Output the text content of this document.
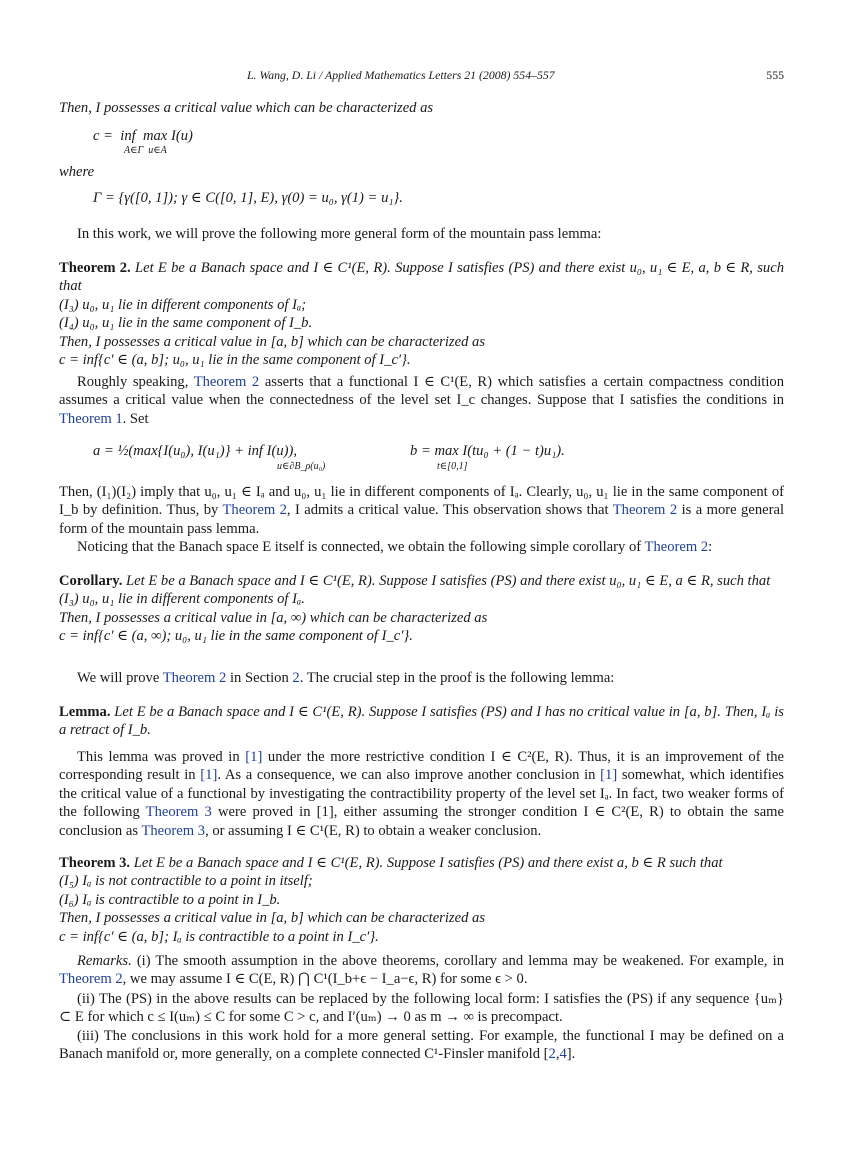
L. Wang, D. Li / Applied Mathematics Letters 21 (2008) 554–557	555
Then, I possesses a critical value which can be characterized as
c =  inf  max I(u)
A∈Γ  u∈A
where
Γ = {γ([0, 1]); γ ∈ C([0, 1], E), γ(0) = u₀, γ(1) = u₁}.
In this work, we will prove the following more general form of the mountain pass lemma:

Theorem 2. Let E be a Banach space and I ∈ C¹(E, R). Suppose I satisfies (PS) and there exist u₀, u₁ ∈ E, a, b ∈ R, such that

(I₃) u₀, u₁ lie in different components of Iₐ;

(I₄) u₀, u₁ lie in the same component of I_b.

Then, I possesses a critical value in [a, b] which can be characterized as

c = inf{c′ ∈ (a, b]; u₀, u₁ lie in the same component of I_c′}.

Roughly speaking, Theorem 2 asserts that a functional I ∈ C¹(E, R) which satisfies a certain compactness condition assumes a critical value when the connectedness of the level set I_c changes. Suppose that I satisfies the conditions in Theorem 1. Set
a = ½(max{I(u₀), I(u₁)} + inf I(u)),
u∈∂B_ρ(u₀)
b = max I(tu₀ + (1 − t)u₁).
t∈[0,1]
Then, (I₁)(I₂) imply that u₀, u₁ ∈ Iₐ and u₀, u₁ lie in different components of Iₐ. Clearly, u₀, u₁ lie in the same component of I_b by definition. Thus, by Theorem 2, I admits a critical value. This observation shows that Theorem 2 is a more general form of the mountain pass lemma.
Noticing that the Banach space E itself is connected, we obtain the following simple corollary of Theorem 2:

Corollary. Let E be a Banach space and I ∈ C¹(E, R). Suppose I satisfies (PS) and there exist u₀, u₁ ∈ E, a ∈ R, such that

(I₃) u₀, u₁ lie in different components of Iₐ.

Then, I possesses a critical value in [a, ∞) which can be characterized as

c = inf{c′ ∈ (a, ∞); u₀, u₁ lie in the same component of I_c′}.

We will prove Theorem 2 in Section 2. The crucial step in the proof is the following lemma:

Lemma. Let E be a Banach space and I ∈ C¹(E, R). Suppose I satisfies (PS) and I has no critical value in [a, b]. Then, Iₐ is a retract of I_b.

This lemma was proved in [1] under the more restrictive condition I ∈ C²(E, R). Thus, it is an improvement of the corresponding result in [1]. As a consequence, we can also improve another conclusion in [1] somewhat, which identifies the critical value of a functional by investigating the contractibility property of the level set Iₐ. In fact, two weaker forms of the following Theorem 3 were proved in [1], either assuming the stronger condition I ∈ C²(E, R) to obtain the same conclusion as Theorem 3, or assuming I ∈ C¹(E, R) to obtain a weaker conclusion.

Theorem 3. Let E be a Banach space and I ∈ C¹(E, R). Suppose I satisfies (PS) and there exist a, b ∈ R such that

(I₅) Iₐ is not contractible to a point in itself;

(I₆) Iₐ is contractible to a point in I_b.

Then, I possesses a critical value in [a, b] which can be characterized as

c = inf{c′ ∈ (a, b]; Iₐ is contractible to a point in I_c′}.

Remarks. (i) The smooth assumption in the above theorems, corollary and lemma may be weakened. For example, in Theorem 2, we may assume I ∈ C(E, R) ⋂ C¹(I_b+ϵ − I_a−ϵ, R) for some ϵ > 0.
(ii) The (PS) in the above results can be replaced by the following local form: I satisfies the (PS) if any sequence {uₘ} ⊂ E for which c ≤ I(uₘ) ≤ C for some C > c, and I′(uₘ) → 0 as m → ∞ is precompact.
(iii) The conclusions in this work hold for a more general setting. For example, the functional I may be defined on a Banach manifold or, more generally, on a complete connected C¹-Finsler manifold [2,4].
